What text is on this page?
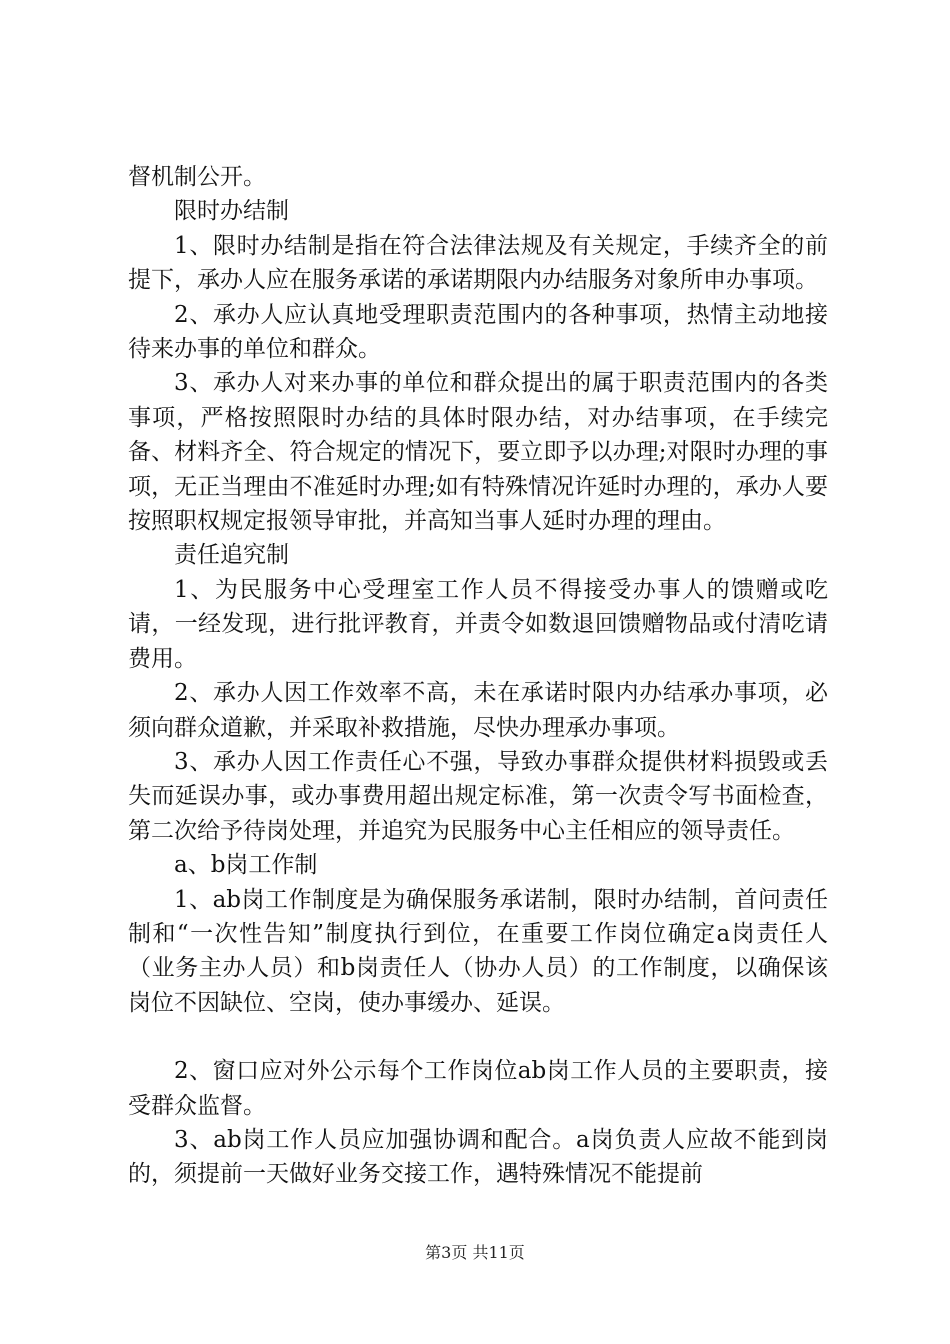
督机制公开。

限时办结制

1、限时办结制是指在符合法律法规及有关规定，手续齐全的前提下，承办人应在服务承诺的承诺期限内办结服务对象所申办事项。

2、承办人应认真地受理职责范围内的各种事项，热情主动地接待来办事的单位和群众。

3、承办人对来办事的单位和群众提出的属于职责范围内的各类事项，严格按照限时办结的具体时限办结，对办结事项，在手续完备、材料齐全、符合规定的情况下，要立即予以办理;对限时办理的事项，无正当理由不准延时办理;如有特殊情况许延时办理的，承办人要按照职权规定报领导审批，并高知当事人延时办理的理由。

责任追究制

1、为民服务中心受理室工作人员不得接受办事人的馈赠或吃请，一经发现，进行批评教育，并责令如数退回馈赠物品或付清吃请费用。

2、承办人因工作效率不高，未在承诺时限内办结承办事项，必须向群众道歉，并采取补救措施，尽快办理承办事项。

3、承办人因工作责任心不强，导致办事群众提供材料损毁或丢失而延误办事，或办事费用超出规定标准，第一次责令写书面检查，第二次给予待岗处理，并追究为民服务中心主任相应的领导责任。

a、b岗工作制

1、ab岗工作制度是为确保服务承诺制，限时办结制，首问责任制和“一次性告知”制度执行到位，在重要工作岗位确定a岗责任人（业务主办人员）和b岗责任人（协办人员）的工作制度，以确保该岗位不因缺位、空岗，使办事缓办、延误。

2、窗口应对外公示每个工作岗位ab岗工作人员的主要职责，接受群众监督。

3、ab岗工作人员应加强协调和配合。a岗负责人应故不能到岗的，须提前一天做好业务交接工作，遇特殊情况不能提前

第3页 共11页
